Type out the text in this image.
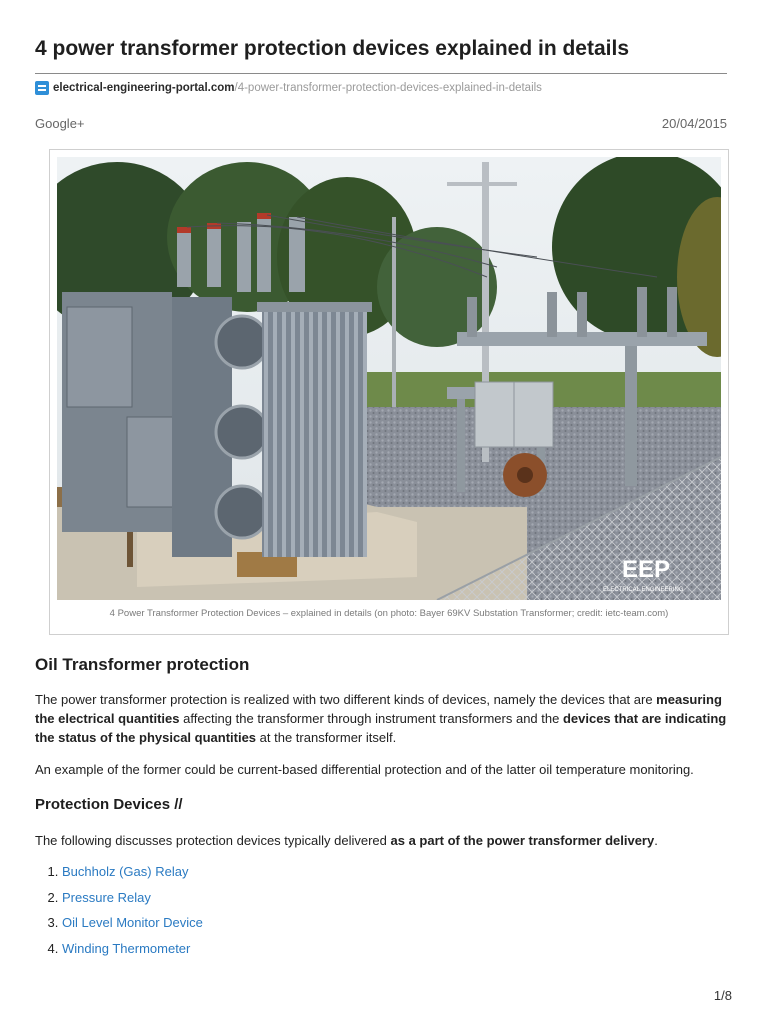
4 power transformer protection devices explained in details
electrical-engineering-portal.com /4-power-transformer-protection-devices-explained-in-details
Google+	20/04/2015
EEP
ELECTRICAL ENGINEERING
4 Power Transformer Protection Devices – explained in details (on photo: Bayer 69KV Substation Transformer; credit: ietc-team.com)
Oil Transformer protection

The power transformer protection is realized with two different kinds of devices, namely the devices that are measuring the electrical quantities affecting the transformer through instrument transformers and the devices that are indicating the status of the physical quantities at the transformer itself.

An example of the former could be current-based differential protection and of the latter oil temperature monitoring.

Protection Devices //

The following discusses protection devices typically delivered as a part of the power transformer delivery.

1. Buchholz (Gas) Relay
2. Pressure Relay
3. Oil Level Monitor Device
4. Winding Thermometer
1/8
